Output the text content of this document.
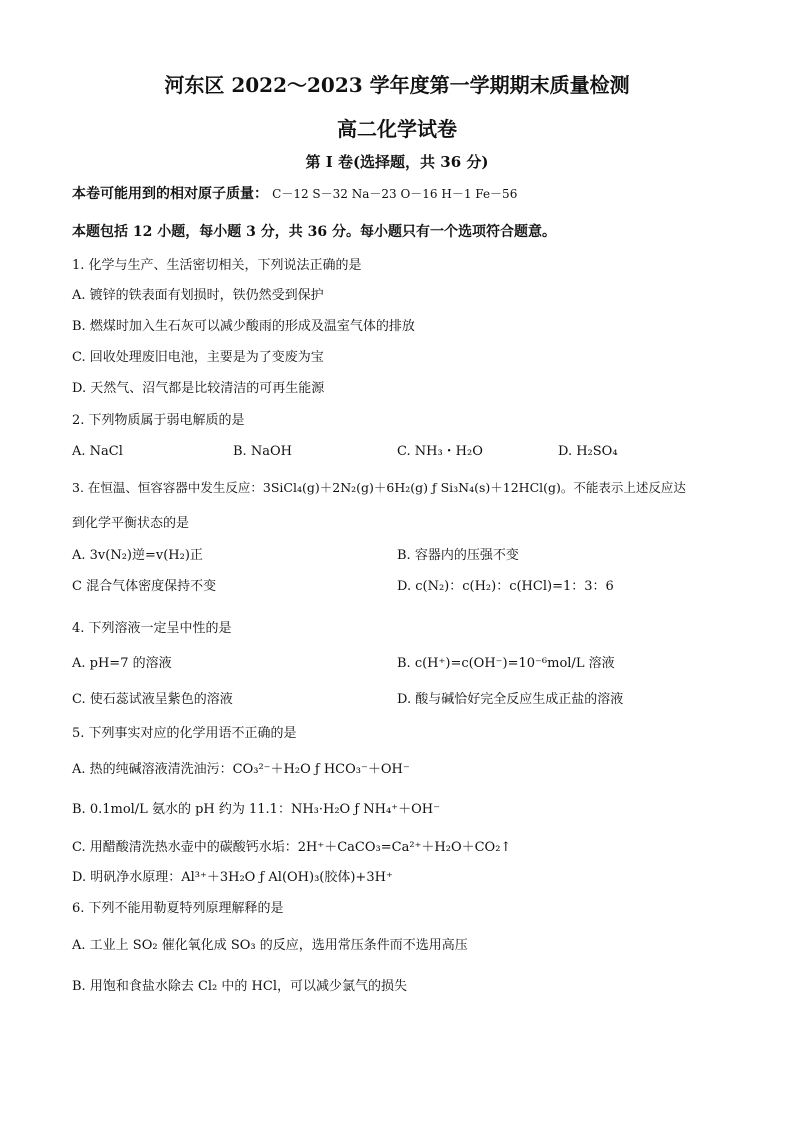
河东区 2022～2023 学年度第一学期期末质量检测
高二化学试卷
第 I 卷(选择题，共 36 分)
本卷可能用到的相对原子质量： C－12 S－32 Na－23 O－16 H－1 Fe－56
本题包括 12 小题，每小题 3 分，共 36 分。每小题只有一个选项符合题意。
1. 化学与生产、生活密切相关，下列说法正确的是
A. 镀锌的铁表面有划损时，铁仍然受到保护
B. 燃煤时加入生石灰可以减少酸雨的形成及温室气体的排放
C. 回收处理废旧电池，主要是为了变废为宝
D. 天然气、沼气都是比较清洁的可再生能源
2. 下列物质属于弱电解质的是
A. NaCl	B. NaOH	C. NH₃・H₂O	D. H₂SO₄
3. 在恒温、恒容容器中发生反应：3SiCl₄(g)＋2N₂(g)＋6H₂(g) ƒ Si₃N₄(s)＋12HCl(g)。不能表示上述反应达
到化学平衡状态的是
A. 3v(N₂)逆=v(H₂)正	B. 容器内的压强不变
C 混合气体密度保持不变	D. c(N₂)：c(H₂)：c(HCl)=1：3：6
4. 下列溶液一定呈中性的是
A. pH=7 的溶液	B. c(H⁺)=c(OH⁻)=10⁻⁶mol/L 溶液
C. 使石蕊试液呈紫色的溶液	D. 酸与碱恰好完全反应生成正盐的溶液
5. 下列事实对应的化学用语不正确的是
A. 热的纯碱溶液清洗油污：CO₃²⁻＋H₂O ƒ HCO₃⁻＋OH⁻
B. 0.1mol/L 氨水的 pH 约为 11.1：NH₃·H₂O ƒ NH₄⁺＋OH⁻
C. 用醋酸清洗热水壶中的碳酸钙水垢：2H⁺＋CaCO₃=Ca²⁺＋H₂O＋CO₂↑
D. 明矾净水原理：Al³⁺＋3H₂O ƒ Al(OH)₃(胶体)+3H⁺
6. 下列不能用勒夏特列原理解释的是
A. 工业上 SO₂ 催化氧化成 SO₃ 的反应，选用常压条件而不选用高压
B. 用饱和食盐水除去 Cl₂ 中的 HCl，可以减少氯气的损失
